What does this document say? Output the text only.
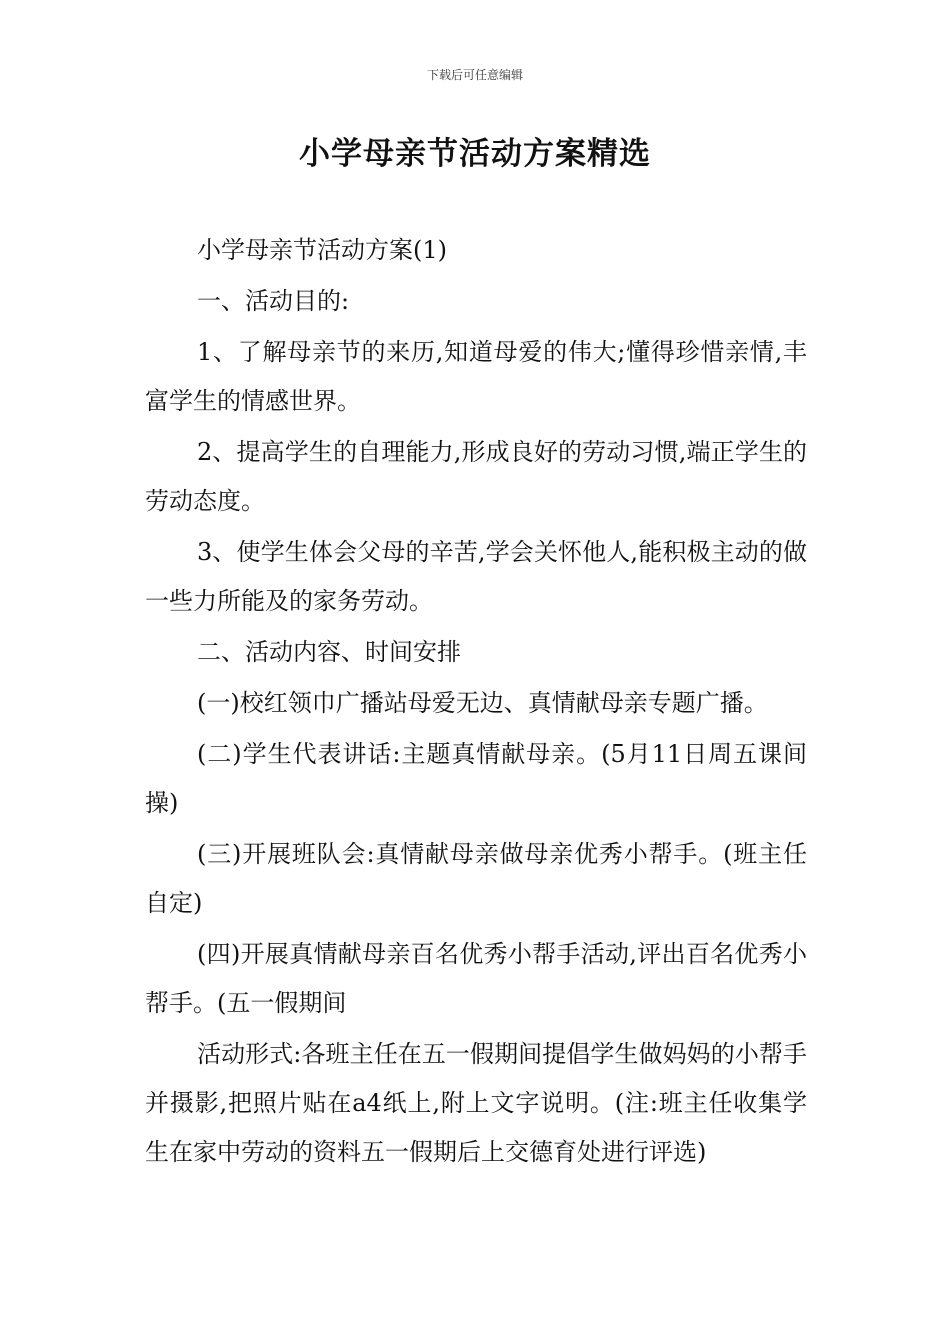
下载后可任意编辑
小学母亲节活动方案精选

小学母亲节活动方案(1)

一、活动目的:

1、了解母亲节的来历,知道母爱的伟大;懂得珍惜亲情,丰富学生的情感世界。

2、提高学生的自理能力,形成良好的劳动习惯,端正学生的劳动态度。

3、使学生体会父母的辛苦,学会关怀他人,能积极主动的做一些力所能及的家务劳动。

二、活动内容、时间安排

(一)校红领巾广播站母爱无边、真情献母亲专题广播。

(二)学生代表讲话:主题真情献母亲。(5月11日周五课间操)

(三)开展班队会:真情献母亲做母亲优秀小帮手。(班主任自定)

(四)开展真情献母亲百名优秀小帮手活动,评出百名优秀小帮手。(五一假期间

活动形式:各班主任在五一假期间提倡学生做妈妈的小帮手并摄影,把照片贴在a4纸上,附上文字说明。(注:班主任收集学生在家中劳动的资料五一假期后上交德育处进行评选)
